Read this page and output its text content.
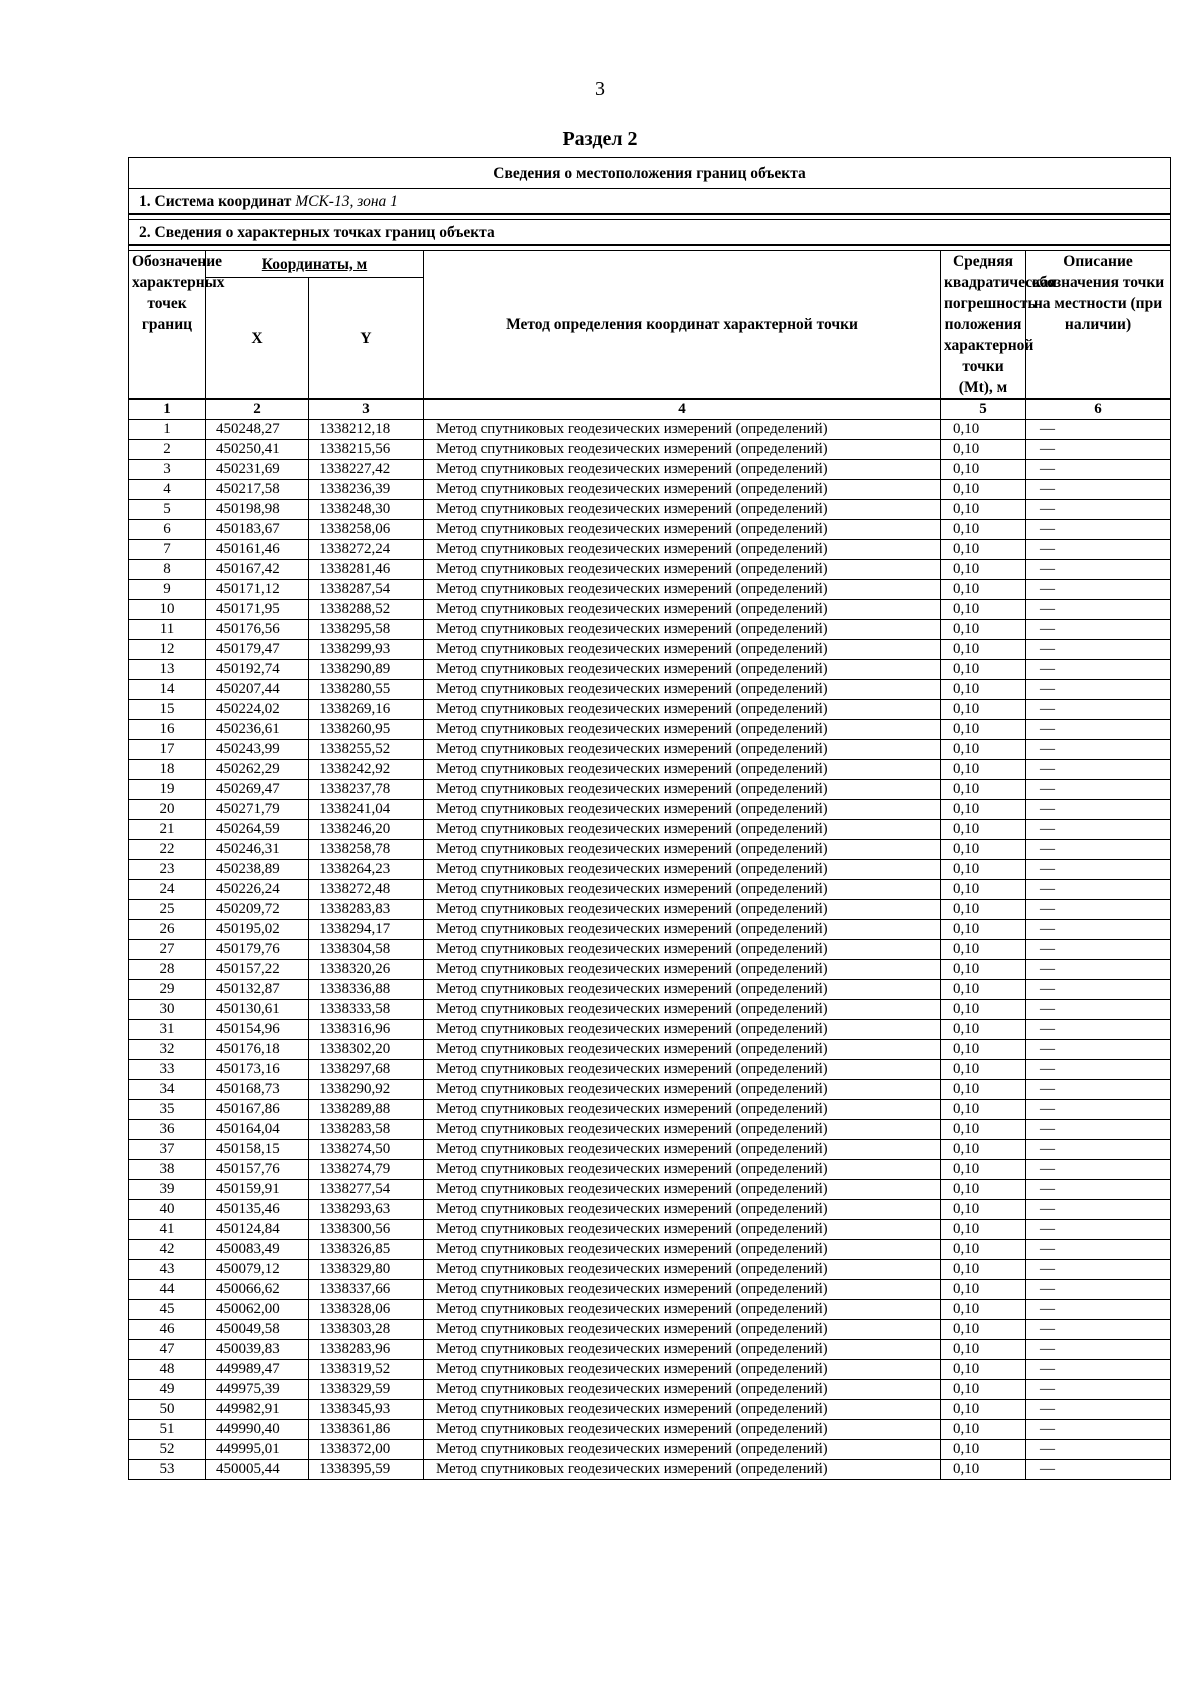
3
Раздел 2
Сведения о местоположения границ объекта					
1. Система координат МСК-13, зона 1					

2. Сведения о характерных точках границ объекта					

Обозначение характерных точек границ	Координаты, м		Метод определения координат характерной точки	Средняя квадратическая погрешность положения характерной точки (Mt), м	Описание обозначения точки на местности (при наличии)
	X	Y			
1	2	3	4	5	6
1	450248,27	1338212,18	Метод спутниковых геодезических измерений (определений)	0,10	—
2	450250,41	1338215,56	Метод спутниковых геодезических измерений (определений)	0,10	—
3	450231,69	1338227,42	Метод спутниковых геодезических измерений (определений)	0,10	—
4	450217,58	1338236,39	Метод спутниковых геодезических измерений (определений)	0,10	—
5	450198,98	1338248,30	Метод спутниковых геодезических измерений (определений)	0,10	—
6	450183,67	1338258,06	Метод спутниковых геодезических измерений (определений)	0,10	—
7	450161,46	1338272,24	Метод спутниковых геодезических измерений (определений)	0,10	—
8	450167,42	1338281,46	Метод спутниковых геодезических измерений (определений)	0,10	—
9	450171,12	1338287,54	Метод спутниковых геодезических измерений (определений)	0,10	—
10	450171,95	1338288,52	Метод спутниковых геодезических измерений (определений)	0,10	—
11	450176,56	1338295,58	Метод спутниковых геодезических измерений (определений)	0,10	—
12	450179,47	1338299,93	Метод спутниковых геодезических измерений (определений)	0,10	—
13	450192,74	1338290,89	Метод спутниковых геодезических измерений (определений)	0,10	—
14	450207,44	1338280,55	Метод спутниковых геодезических измерений (определений)	0,10	—
15	450224,02	1338269,16	Метод спутниковых геодезических измерений (определений)	0,10	—
16	450236,61	1338260,95	Метод спутниковых геодезических измерений (определений)	0,10	—
17	450243,99	1338255,52	Метод спутниковых геодезических измерений (определений)	0,10	—
18	450262,29	1338242,92	Метод спутниковых геодезических измерений (определений)	0,10	—
19	450269,47	1338237,78	Метод спутниковых геодезических измерений (определений)	0,10	—
20	450271,79	1338241,04	Метод спутниковых геодезических измерений (определений)	0,10	—
21	450264,59	1338246,20	Метод спутниковых геодезических измерений (определений)	0,10	—
22	450246,31	1338258,78	Метод спутниковых геодезических измерений (определений)	0,10	—
23	450238,89	1338264,23	Метод спутниковых геодезических измерений (определений)	0,10	—
24	450226,24	1338272,48	Метод спутниковых геодезических измерений (определений)	0,10	—
25	450209,72	1338283,83	Метод спутниковых геодезических измерений (определений)	0,10	—
26	450195,02	1338294,17	Метод спутниковых геодезических измерений (определений)	0,10	—
27	450179,76	1338304,58	Метод спутниковых геодезических измерений (определений)	0,10	—
28	450157,22	1338320,26	Метод спутниковых геодезических измерений (определений)	0,10	—
29	450132,87	1338336,88	Метод спутниковых геодезических измерений (определений)	0,10	—
30	450130,61	1338333,58	Метод спутниковых геодезических измерений (определений)	0,10	—
31	450154,96	1338316,96	Метод спутниковых геодезических измерений (определений)	0,10	—
32	450176,18	1338302,20	Метод спутниковых геодезических измерений (определений)	0,10	—
33	450173,16	1338297,68	Метод спутниковых геодезических измерений (определений)	0,10	—
34	450168,73	1338290,92	Метод спутниковых геодезических измерений (определений)	0,10	—
35	450167,86	1338289,88	Метод спутниковых геодезических измерений (определений)	0,10	—
36	450164,04	1338283,58	Метод спутниковых геодезических измерений (определений)	0,10	—
37	450158,15	1338274,50	Метод спутниковых геодезических измерений (определений)	0,10	—
38	450157,76	1338274,79	Метод спутниковых геодезических измерений (определений)	0,10	—
39	450159,91	1338277,54	Метод спутниковых геодезических измерений (определений)	0,10	—
40	450135,46	1338293,63	Метод спутниковых геодезических измерений (определений)	0,10	—
41	450124,84	1338300,56	Метод спутниковых геодезических измерений (определений)	0,10	—
42	450083,49	1338326,85	Метод спутниковых геодезических измерений (определений)	0,10	—
43	450079,12	1338329,80	Метод спутниковых геодезических измерений (определений)	0,10	—
44	450066,62	1338337,66	Метод спутниковых геодезических измерений (определений)	0,10	—
45	450062,00	1338328,06	Метод спутниковых геодезических измерений (определений)	0,10	—
46	450049,58	1338303,28	Метод спутниковых геодезических измерений (определений)	0,10	—
47	450039,83	1338283,96	Метод спутниковых геодезических измерений (определений)	0,10	—
48	449989,47	1338319,52	Метод спутниковых геодезических измерений (определений)	0,10	—
49	449975,39	1338329,59	Метод спутниковых геодезических измерений (определений)	0,10	—
50	449982,91	1338345,93	Метод спутниковых геодезических измерений (определений)	0,10	—
51	449990,40	1338361,86	Метод спутниковых геодезических измерений (определений)	0,10	—
52	449995,01	1338372,00	Метод спутниковых геодезических измерений (определений)	0,10	—
53	450005,44	1338395,59	Метод спутниковых геодезических измерений (определений)	0,10	—
